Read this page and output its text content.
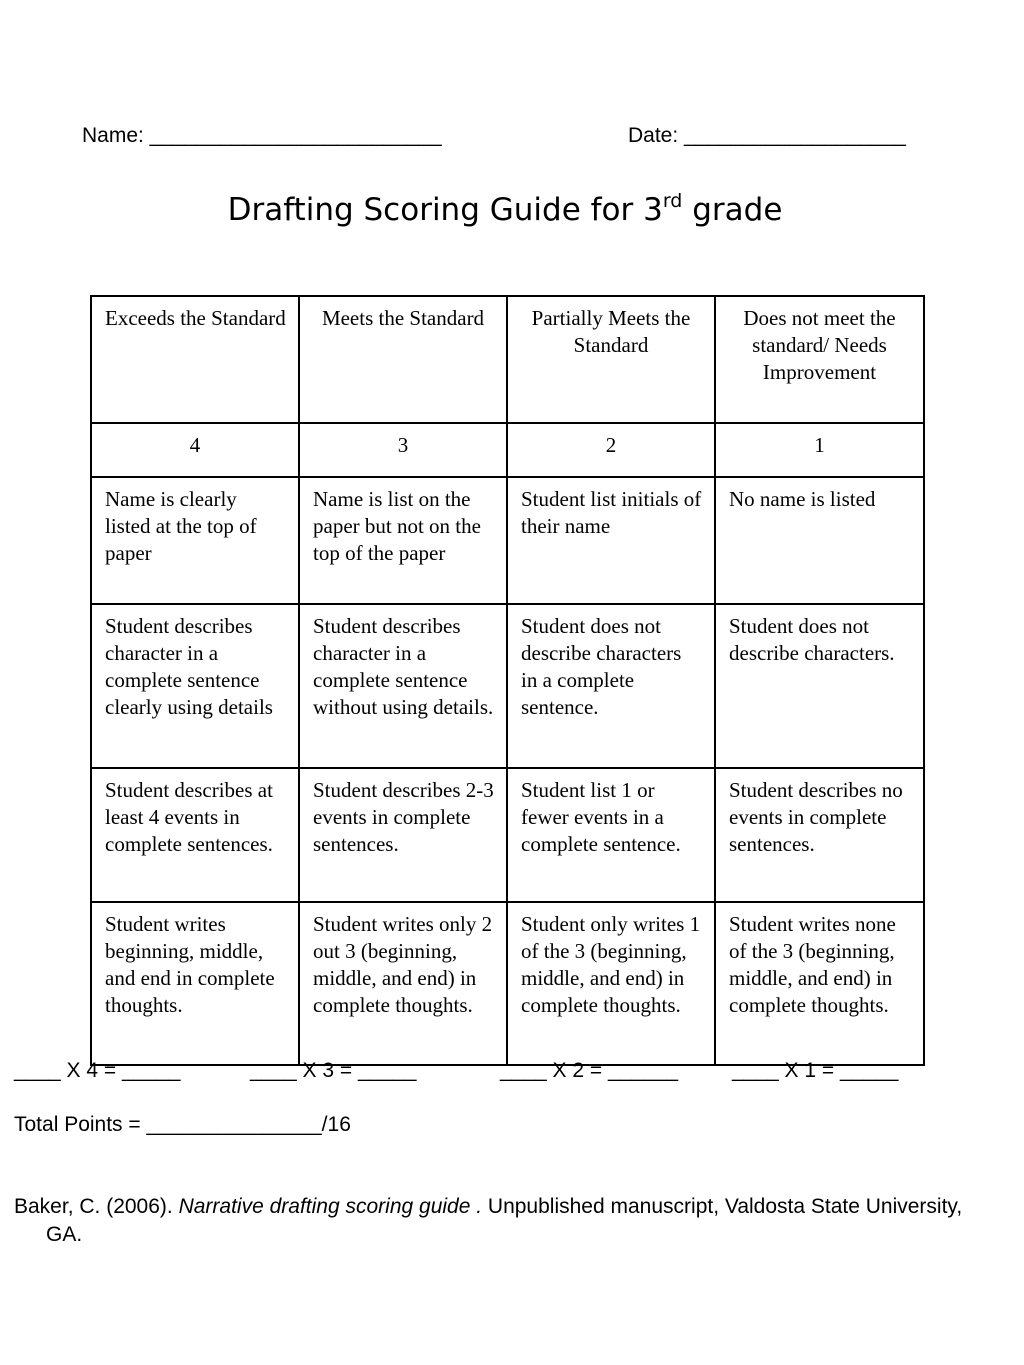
Name: _________________________	Date: ___________________
Drafting Scoring Guide for 3rd grade
Exceeds the Standard	Meets the Standard	Partially Meets the Standard	Does not meet the standard/ Needs Improvement
4	3	2	1
Name is clearly listed at the top of paper	Name is list on the paper but not on the top of the paper	Student list initials of their name	No name is listed
Student describes character in a complete sentence clearly using details	Student describes character in a complete sentence without using details.	Student does not describe characters in a complete sentence.	Student does not describe characters.
Student describes at least 4 events in complete sentences.	Student describes 2-3 events in complete sentences.	Student list 1 or fewer events in a complete sentence.	Student describes no events in complete sentences.
Student writes beginning, middle, and end in complete thoughts.	Student writes only 2 out 3 (beginning, middle, and end) in complete thoughts.	Student only writes 1 of the 3 (beginning, middle, and end) in complete thoughts.	Student writes none of the 3 (beginning, middle, and end) in complete thoughts.
____ X 4 = _____	____ X 3 = _____	____ X 2 = ______	____ X 1 = _____
Total Points = _______________/16
Baker, C. (2006). Narrative drafting scoring guide . Unpublished manuscript, Valdosta State University, GA.
